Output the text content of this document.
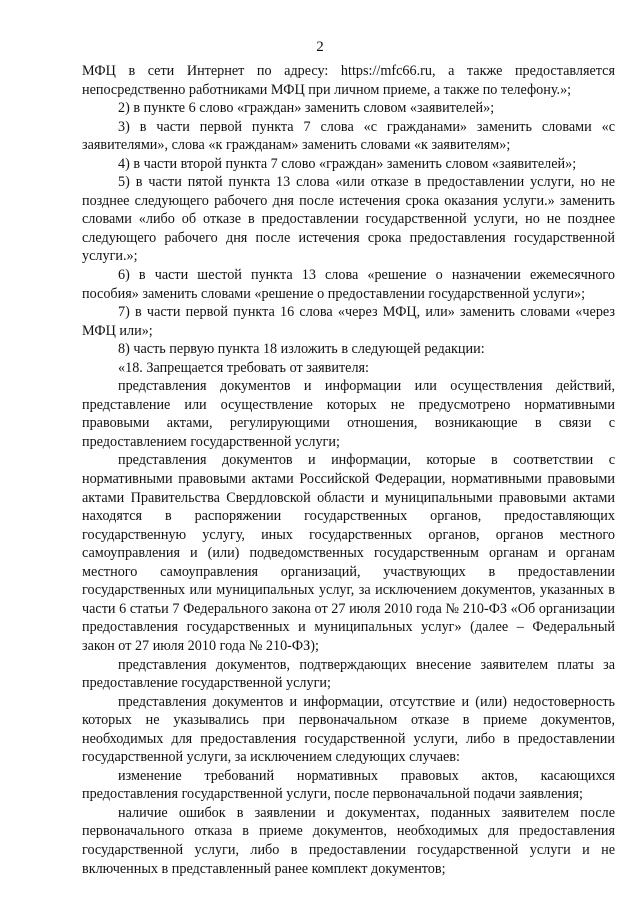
2

МФЦ в сети Интернет по адресу: https://mfc66.ru, а также предоставляется непосредственно работниками МФЦ при личном приеме, а также по телефону.»;

2) в пункте 6 слово «граждан» заменить словом «заявителей»;

3) в части первой пункта 7 слова «с гражданами» заменить словами «с заявителями», слова «к гражданам» заменить словами «к заявителям»;

4) в части второй пункта 7 слово «граждан» заменить словом «заявителей»;

5) в части пятой пункта 13 слова «или отказе в предоставлении услуги, но не позднее следующего рабочего дня после истечения срока оказания услуги.» заменить словами «либо об отказе в предоставлении государственной услуги, но не позднее следующего рабочего дня после истечения срока предоставления государственной услуги.»;

6) в части шестой пункта 13 слова «решение о назначении ежемесячного пособия» заменить словами «решение о предоставлении государственной услуги»;

7) в части первой пункта 16 слова «через МФЦ, или» заменить словами «через МФЦ или»;

8) часть первую пункта 18 изложить в следующей редакции:

«18. Запрещается требовать от заявителя:

представления документов и информации или осуществления действий, представление или осуществление которых не предусмотрено нормативными правовыми актами, регулирующими отношения, возникающие в связи с предоставлением государственной услуги;

представления документов и информации, которые в соответствии с нормативными правовыми актами Российской Федерации, нормативными правовыми актами Правительства Свердловской области и муниципальными правовыми актами находятся в распоряжении государственных органов, предоставляющих государственную услугу, иных государственных органов, органов местного самоуправления и (или) подведомственных государственным органам и органам местного самоуправления организаций, участвующих в предоставлении государственных или муниципальных услуг, за исключением документов, указанных в части 6 статьи 7 Федерального закона от 27 июля 2010 года № 210-ФЗ «Об организации предоставления государственных и муниципальных услуг» (далее – Федеральный закон от 27 июля 2010 года № 210-ФЗ);

представления документов, подтверждающих внесение заявителем платы за предоставление государственной услуги;

представления документов и информации, отсутствие и (или) недостоверность которых не указывались при первоначальном отказе в приеме документов, необходимых для предоставления государственной услуги, либо в предоставлении государственной услуги, за исключением следующих случаев:

изменение требований нормативных правовых актов, касающихся предоставления государственной услуги, после первоначальной подачи заявления;

наличие ошибок в заявлении и документах, поданных заявителем после первоначального отказа в приеме документов, необходимых для предоставления государственной услуги, либо в предоставлении государственной услуги и не включенных в представленный ранее комплект документов;
